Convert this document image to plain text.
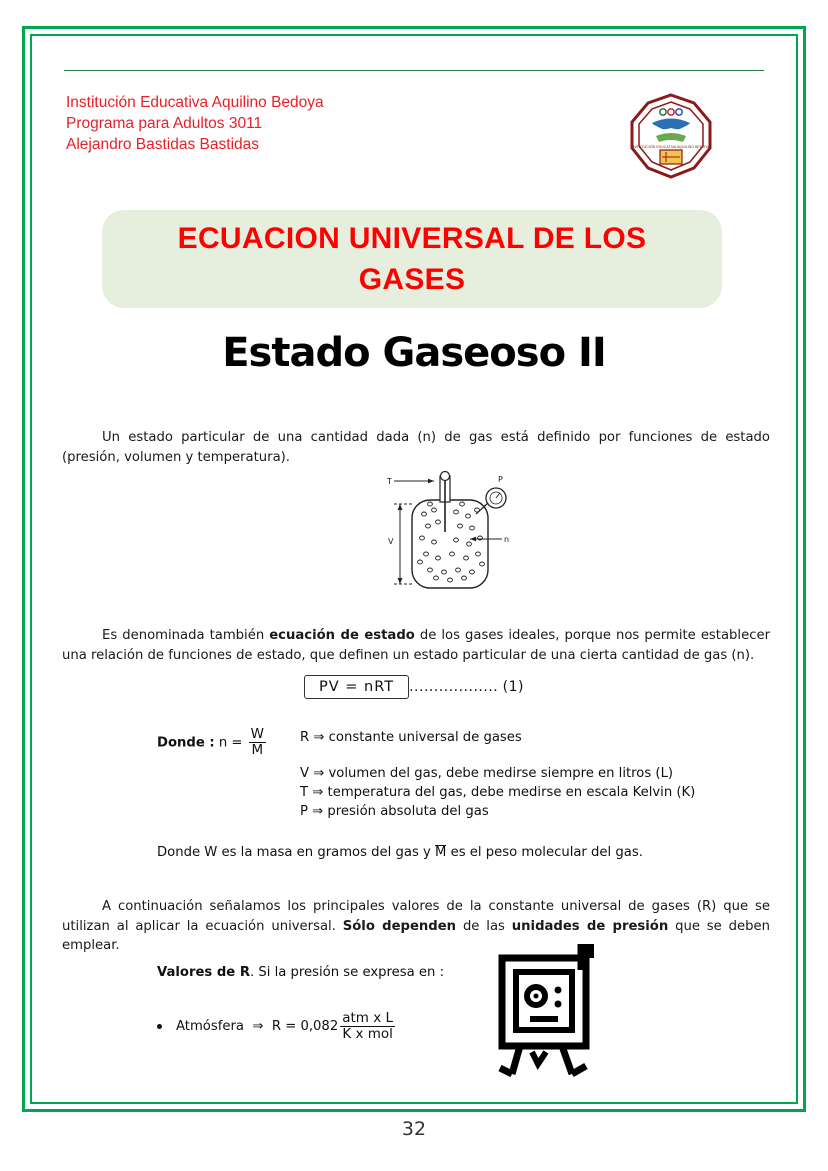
Institución Educativa Aquilino Bedoya
Programa para Adultos 3011
Alejandro Bastidas Bastidas	INSTITUCIÓN EDUCATIVA AQUILINO BEDOYA
ECUACION UNIVERSAL DE LOS GASES
Estado Gaseoso II
Un estado particular de una cantidad dada (n) de gas está definido por funciones de estado (presión, volumen y temperatura).
T	P
n
V
Es denominada también ecuación de estado de los gases ideales, porque nos permite establecer una relación de funciones de estado, que definen un estado particular de una cierta cantidad de gas (n).
PV = nRT .................. (1)
Donde : $n = \frac{W}{M}$	R ⇒ constante universal de gases
V ⇒ volumen del gas, debe medirse siempre en litros (L)
T ⇒ temperatura del gas, debe medirse en escala Kelvin (K)
P ⇒ presión absoluta del gas
Donde W es la masa en gramos del gas y M es el peso molecular del gas.
A continuación señalamos los principales valores de la constante universal de gases (R) que se utilizan al aplicar la ecuación universal. Sólo dependen de las unidades de presión que se deben emplear.
Valores de R. Si la presión se expresa en :
Atmósfera
⇒
$R = 0,082 \frac{\text{atm x L}}{\text{K x mol}}$
32
